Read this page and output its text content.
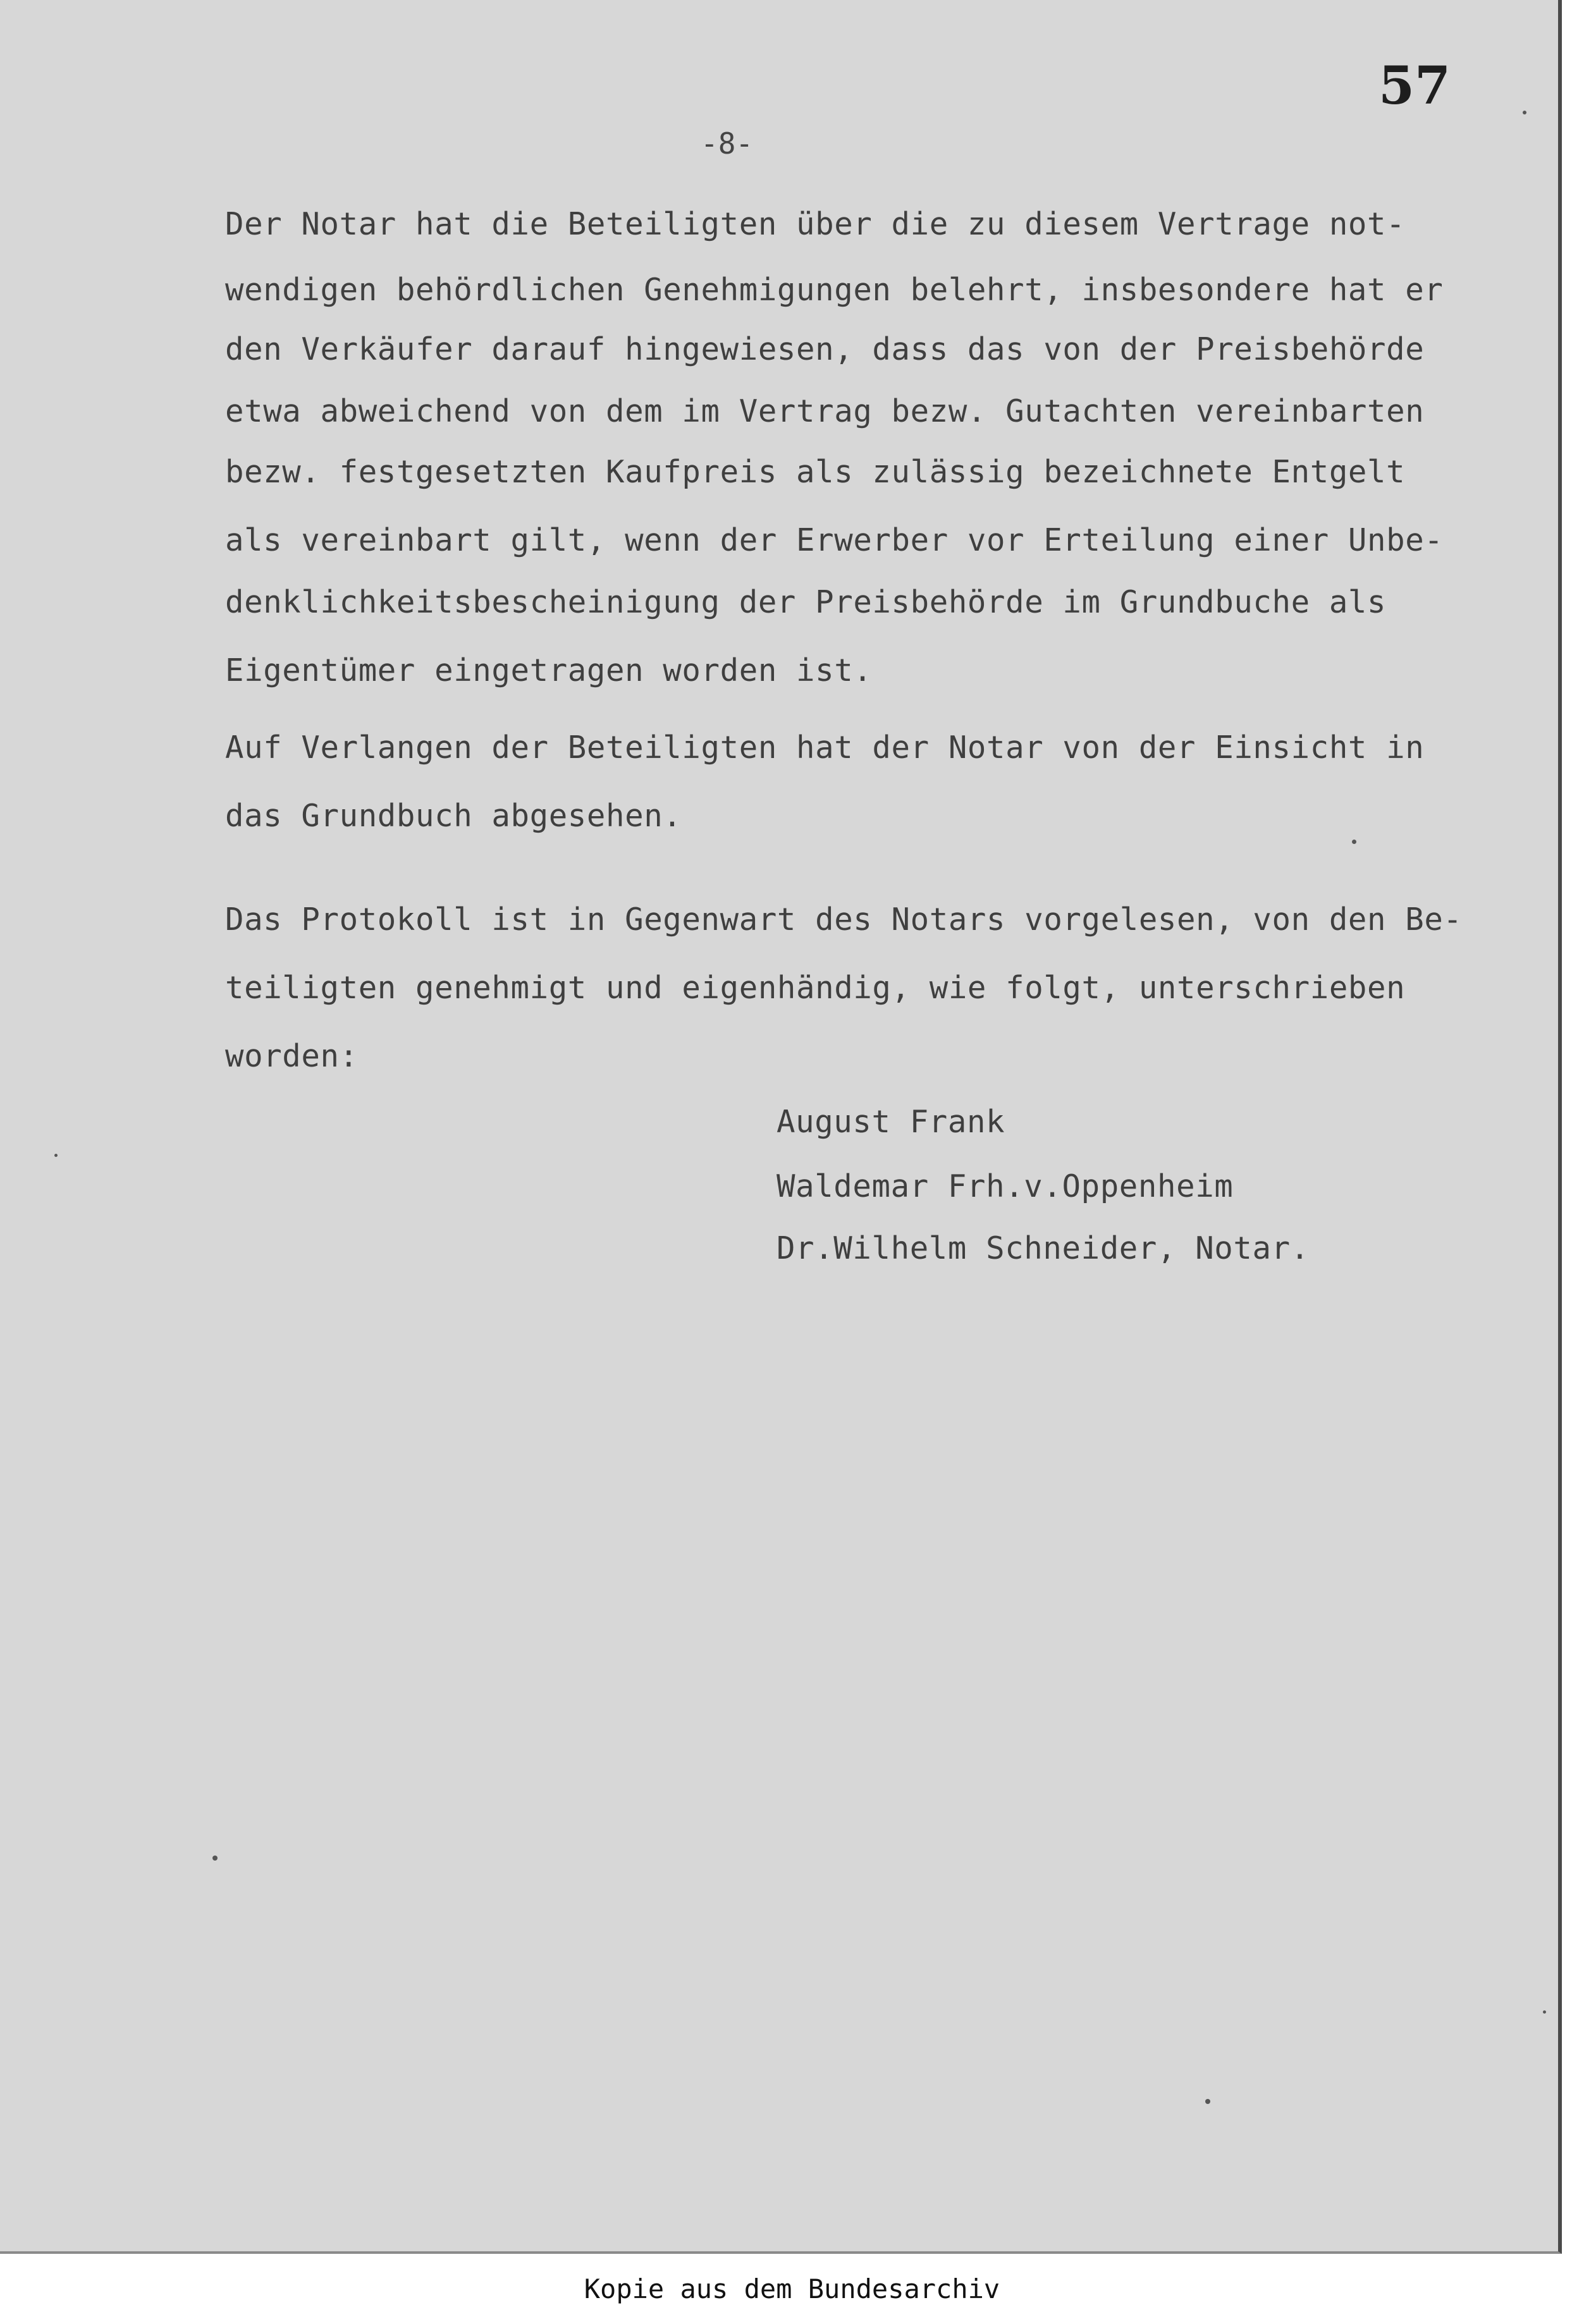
57
-8-

Der Notar hat die Beteiligten über die zu diesem Vertrage not-

wendigen behördlichen Genehmigungen belehrt, insbesondere hat er

den Verkäufer darauf hingewiesen, dass das von der Preisbehörde

etwa abweichend von dem im Vertrag bezw. Gutachten vereinbarten

bezw. festgesetzten Kaufpreis als zulässig bezeichnete Entgelt

als vereinbart gilt, wenn der Erwerber vor Erteilung einer Unbe-

denklichkeitsbescheinigung der Preisbehörde im Grundbuche als

Eigentümer eingetragen worden ist.

Auf Verlangen der Beteiligten hat der Notar von der Einsicht in

das Grundbuch abgesehen.

Das Protokoll ist in Gegenwart des Notars vorgelesen, von den Be-

teiligten genehmigt und eigenhändig, wie folgt, unterschrieben

worden:

August Frank

Waldemar Frh.v.Oppenheim

Dr.Wilhelm Schneider, Notar.

Kopie aus dem Bundesarchiv
